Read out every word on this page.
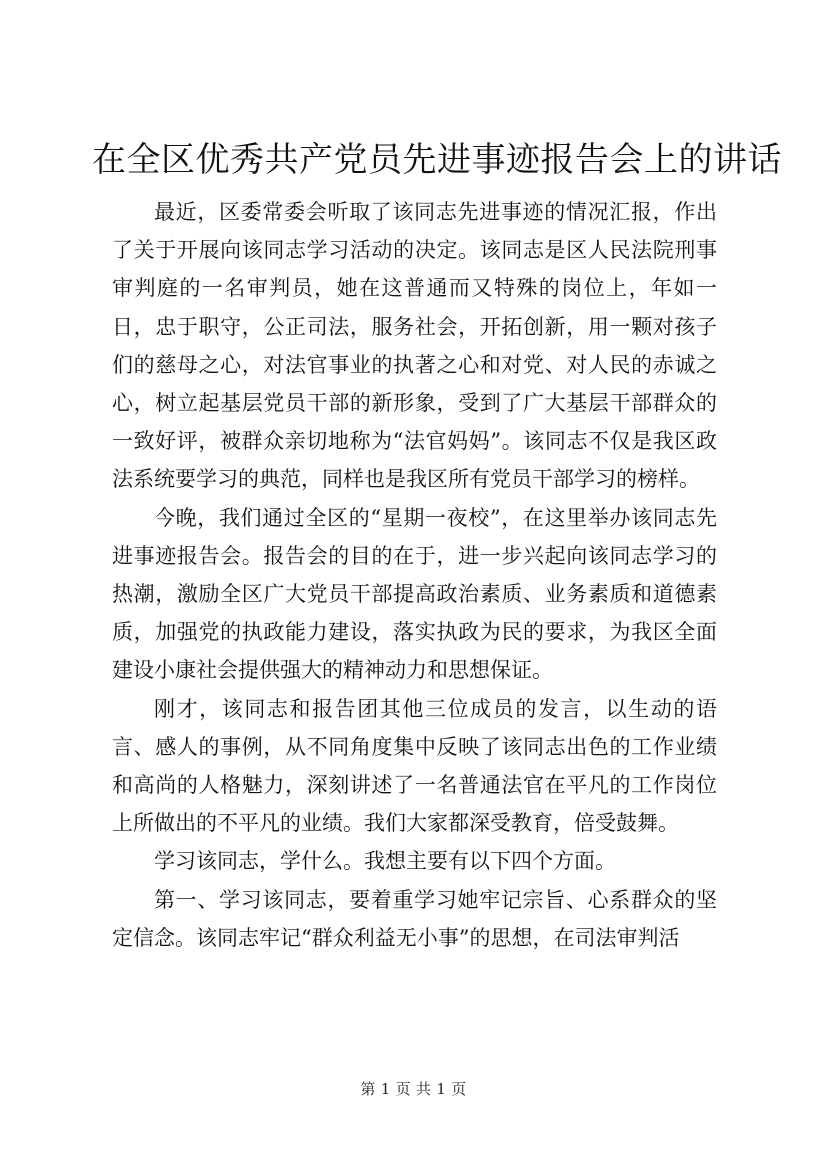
在全区优秀共产党员先进事迹报告会上的讲话

最近，区委常委会听取了该同志先进事迹的情况汇报，作出了关于开展向该同志学习活动的决定。该同志是区人民法院刑事审判庭的一名审判员，她在这普通而又特殊的岗位上，年如一日，忠于职守，公正司法，服务社会，开拓创新，用一颗对孩子们的慈母之心，对法官事业的执著之心和对党、对人民的赤诚之心，树立起基层党员干部的新形象，受到了广大基层干部群众的一致好评，被群众亲切地称为“法官妈妈”。该同志不仅是我区政法系统要学习的典范，同样也是我区所有党员干部学习的榜样。

今晚，我们通过全区的“星期一夜校”，在这里举办该同志先进事迹报告会。报告会的目的在于，进一步兴起向该同志学习的热潮，激励全区广大党员干部提高政治素质、业务素质和道德素质，加强党的执政能力建设，落实执政为民的要求，为我区全面建设小康社会提供强大的精神动力和思想保证。

刚才，该同志和报告团其他三位成员的发言，以生动的语言、感人的事例，从不同角度集中反映了该同志出色的工作业绩和高尚的人格魅力，深刻讲述了一名普通法官在平凡的工作岗位上所做出的不平凡的业绩。我们大家都深受教育，倍受鼓舞。

学习该同志，学什么。我想主要有以下四个方面。

第一、学习该同志，要着重学习她牢记宗旨、心系群众的坚定信念。该同志牢记“群众利益无小事”的思想，在司法审判活

第 1 页 共 1 页
